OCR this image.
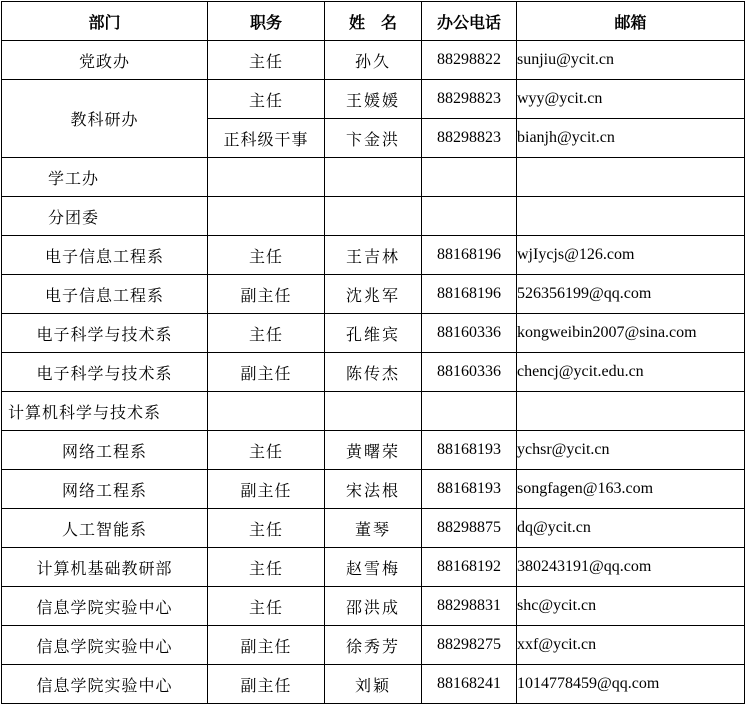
部门	职务	姓　名	办公电话	邮箱
党政办	主任	孙久	88298822	sunjiu@ycit.cn
教科研办	主任	王媛媛	88298823	wyy@ycit.cn
	正科级干事	卞金洪	88298823	bianjh@ycit.cn
学工办				
分团委				
电子信息工程系	主任	王吉林	88168196	wjIycjs@126.com
电子信息工程系	副主任	沈兆军	88168196	526356199@qq.com
电子科学与技术系	主任	孔维宾	88160336	kongweibin2007@sina.com
电子科学与技术系	副主任	陈传杰	88160336	chencj@ycit.edu.cn
计算机科学与技术系				
网络工程系	主任	黄曙荣	88168193	ychsr@ycit.cn
网络工程系	副主任	宋法根	88168193	songfagen@163.com
人工智能系	主任	董琴	88298875	dq@ycit.cn
计算机基础教研部	主任	赵雪梅	88168192	380243191@qq.com
信息学院实验中心	主任	邵洪成	88298831	shc@ycit.cn
信息学院实验中心	副主任	徐秀芳	88298275	xxf@ycit.cn
信息学院实验中心	副主任	刘颖	88168241	1014778459@qq.com
